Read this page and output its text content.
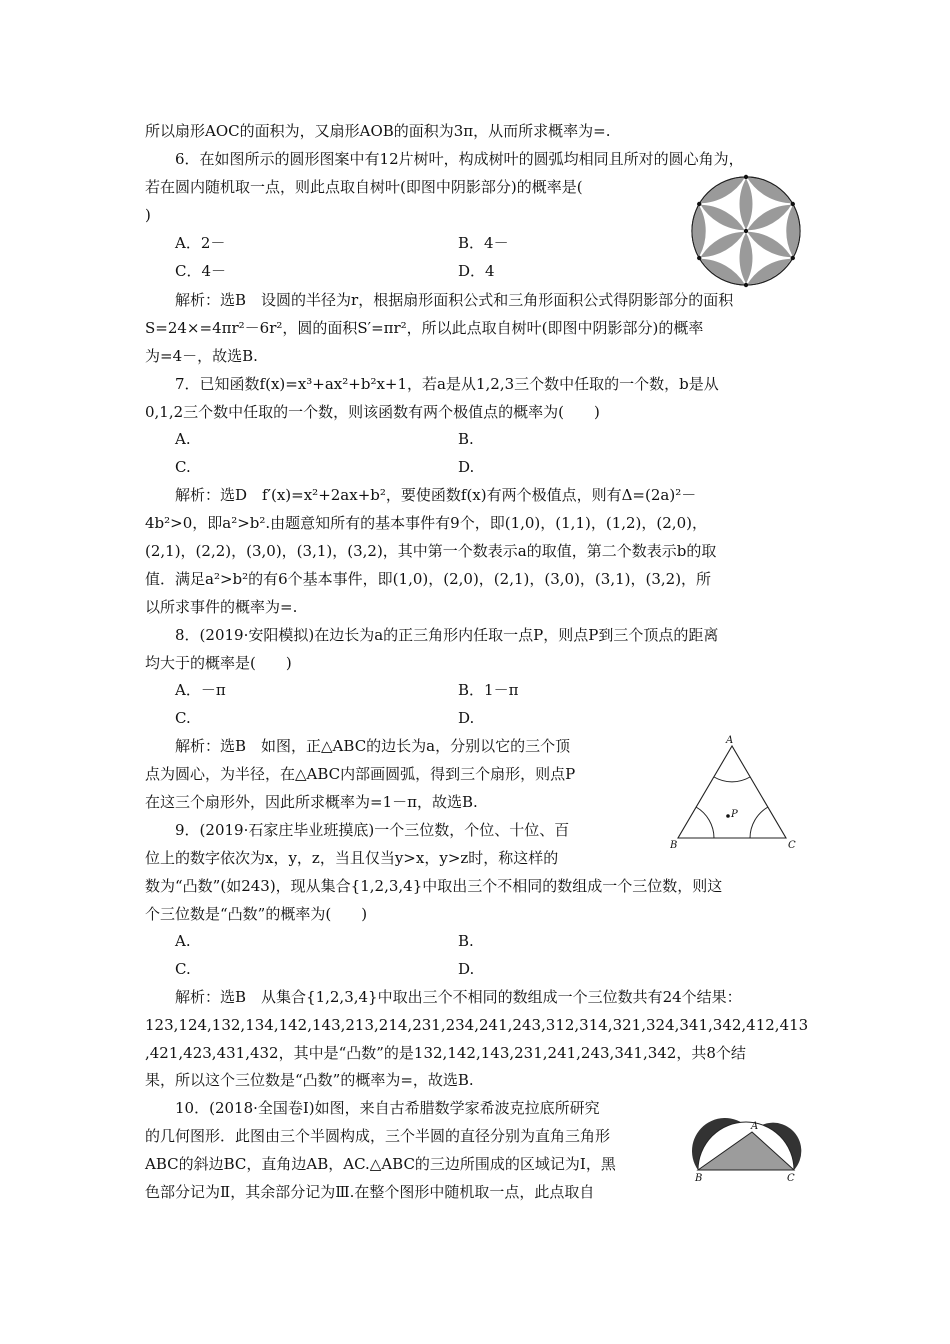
所以扇形AOC的面积为，又扇形AOB的面积为3π，从而所求概率为=.
6．在如图所示的圆形图案中有12片树叶，构成树叶的圆弧均相同且所对的圆心角为，
若在圆内随机取一点，则此点取自树叶(即图中阴影部分)的概率是(
)
A．2－	B．4－
C．4－	D．4
解析：选B　设圆的半径为r，根据扇形面积公式和三角形面积公式得阴影部分的面积
S=24×=4πr²－6r²，圆的面积S′=πr²，所以此点取自树叶(即图中阴影部分)的概率
为=4－，故选B.
7．已知函数f(x)=x³+ax²+b²x+1，若a是从1,2,3三个数中任取的一个数，b是从
0,1,2三个数中任取的一个数，则该函数有两个极值点的概率为(　　)
A.	B.
C.	D.
解析：选D　f′(x)=x²+2ax+b²，要使函数f(x)有两个极值点，则有Δ=(2a)²－
4b²>0，即a²>b².由题意知所有的基本事件有9个，即(1,0)，(1,1)，(1,2)，(2,0)，
(2,1)，(2,2)，(3,0)，(3,1)，(3,2)，其中第一个数表示a的取值，第二个数表示b的取
值．满足a²>b²的有6个基本事件，即(1,0)，(2,0)，(2,1)，(3,0)，(3,1)，(3,2)，所
以所求事件的概率为=.
8．(2019·安阳模拟)在边长为a的正三角形内任取一点P，则点P到三个顶点的距离
均大于的概率是(　　)
A．－π	B．1－π
C.	D.
解析：选B　如图，正△ABC的边长为a，分别以它的三个顶
点为圆心，为半径，在△ABC内部画圆弧，得到三个扇形，则点P
在这三个扇形外，因此所求概率为=1－π，故选B.
9．(2019·石家庄毕业班摸底)一个三位数，个位、十位、百
位上的数字依次为x，y，z，当且仅当y>x，y>z时，称这样的
数为“凸数”(如243)，现从集合{1,2,3,4}中取出三个不相同的数组成一个三位数，则这
个三位数是“凸数”的概率为(　　)
A.	B.
C.	D.
解析：选B　从集合{1,2,3,4}中取出三个不相同的数组成一个三位数共有24个结果：
123,124,132,134,142,143,213,214,231,234,241,243,312,314,321,324,341,342,412,413
,421,423,431,432，其中是“凸数”的是132,142,143,231,241,243,341,342，共8个结
果，所以这个三位数是“凸数”的概率为=，故选B.
10．(2018·全国卷Ⅰ)如图，来自古希腊数学家希波克拉底所研究
的几何图形．此图由三个半圆构成，三个半圆的直径分别为直角三角形
ABC的斜边BC，直角边AB，AC.△ABC的三边所围成的区域记为Ⅰ，黑
色部分记为Ⅱ，其余部分记为Ⅲ.在整个图形中随机取一点，此点取自
A
B	C
P
A
B	C
